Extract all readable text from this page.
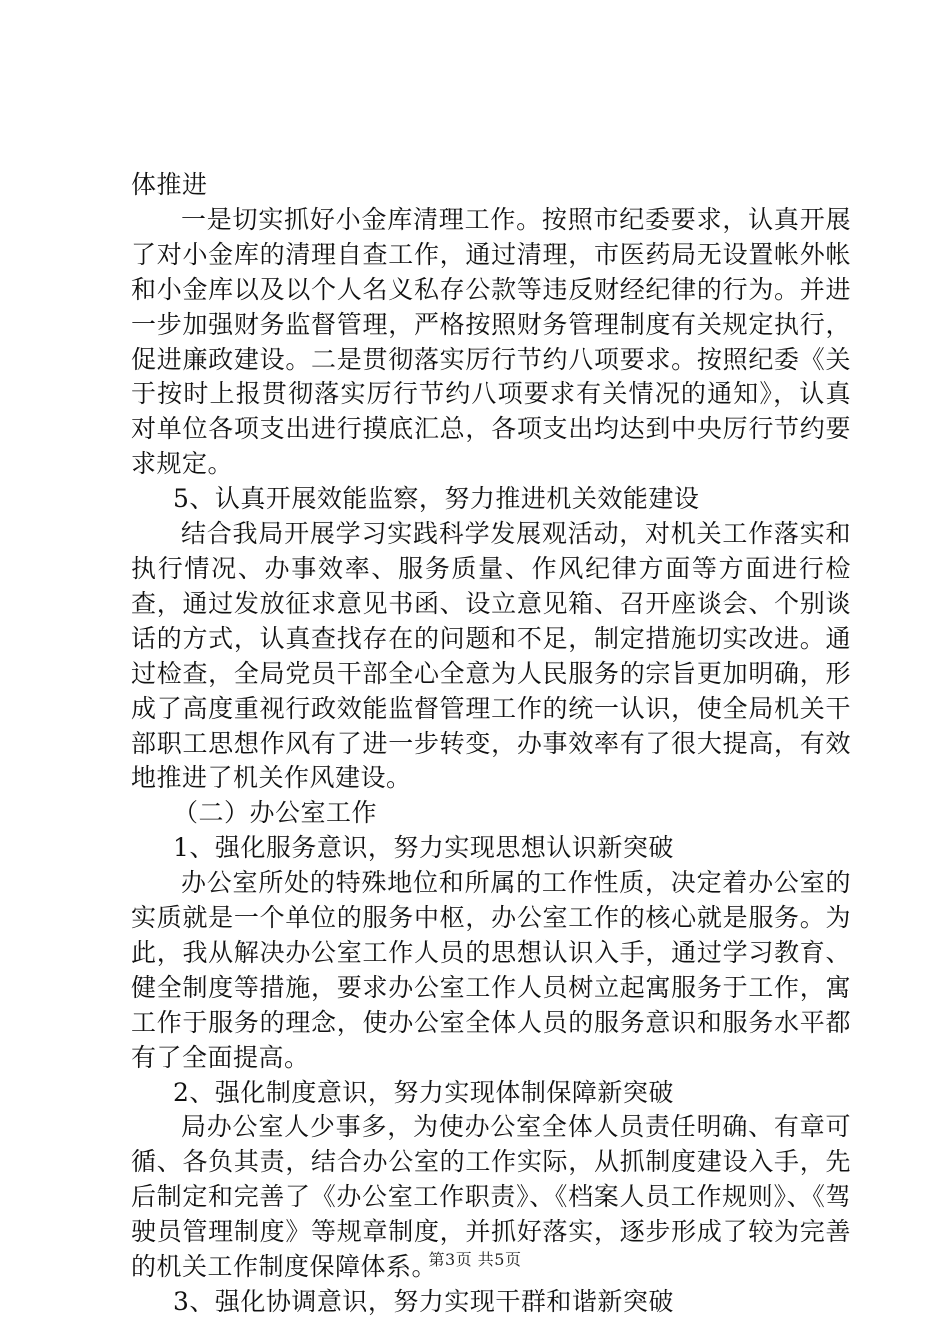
体推进

一是切实抓好小金库清理工作。按照市纪委要求，认真开展了对小金库的清理自查工作，通过清理，市医药局无设置帐外帐和小金库以及以个人名义私存公款等违反财经纪律的行为。并进一步加强财务监督管理，严格按照财务管理制度有关规定执行，促进廉政建设。二是贯彻落实厉行节约八项要求。按照纪委《关于按时上报贯彻落实厉行节约八项要求有关情况的通知》，认真对单位各项支出进行摸底汇总，各项支出均达到中央厉行节约要求规定。

5、认真开展效能监察，努力推进机关效能建设

结合我局开展学习实践科学发展观活动，对机关工作落实和执行情况、办事效率、服务质量、作风纪律方面等方面进行检查，通过发放征求意见书函、设立意见箱、召开座谈会、个别谈话的方式，认真查找存在的问题和不足，制定措施切实改进。通过检查，全局党员干部全心全意为人民服务的宗旨更加明确，形成了高度重视行政效能监督管理工作的统一认识，使全局机关干部职工思想作风有了进一步转变，办事效率有了很大提高，有效地推进了机关作风建设。

（二）办公室工作

1、强化服务意识，努力实现思想认识新突破

办公室所处的特殊地位和所属的工作性质，决定着办公室的实质就是一个单位的服务中枢，办公室工作的核心就是服务。为此，我从解决办公室工作人员的思想认识入手，通过学习教育、健全制度等措施，要求办公室工作人员树立起寓服务于工作，寓工作于服务的理念，使办公室全体人员的服务意识和服务水平都有了全面提高。

2、强化制度意识，努力实现体制保障新突破

局办公室人少事多，为使办公室全体人员责任明确、有章可循、各负其责，结合办公室的工作实际，从抓制度建设入手，先后制定和完善了《办公室工作职责》、《档案人员工作规则》、《驾驶员管理制度》等规章制度，并抓好落实，逐步形成了较为完善的机关工作制度保障体系。

3、强化协调意识，努力实现干群和谐新突破

第3页 共5页
